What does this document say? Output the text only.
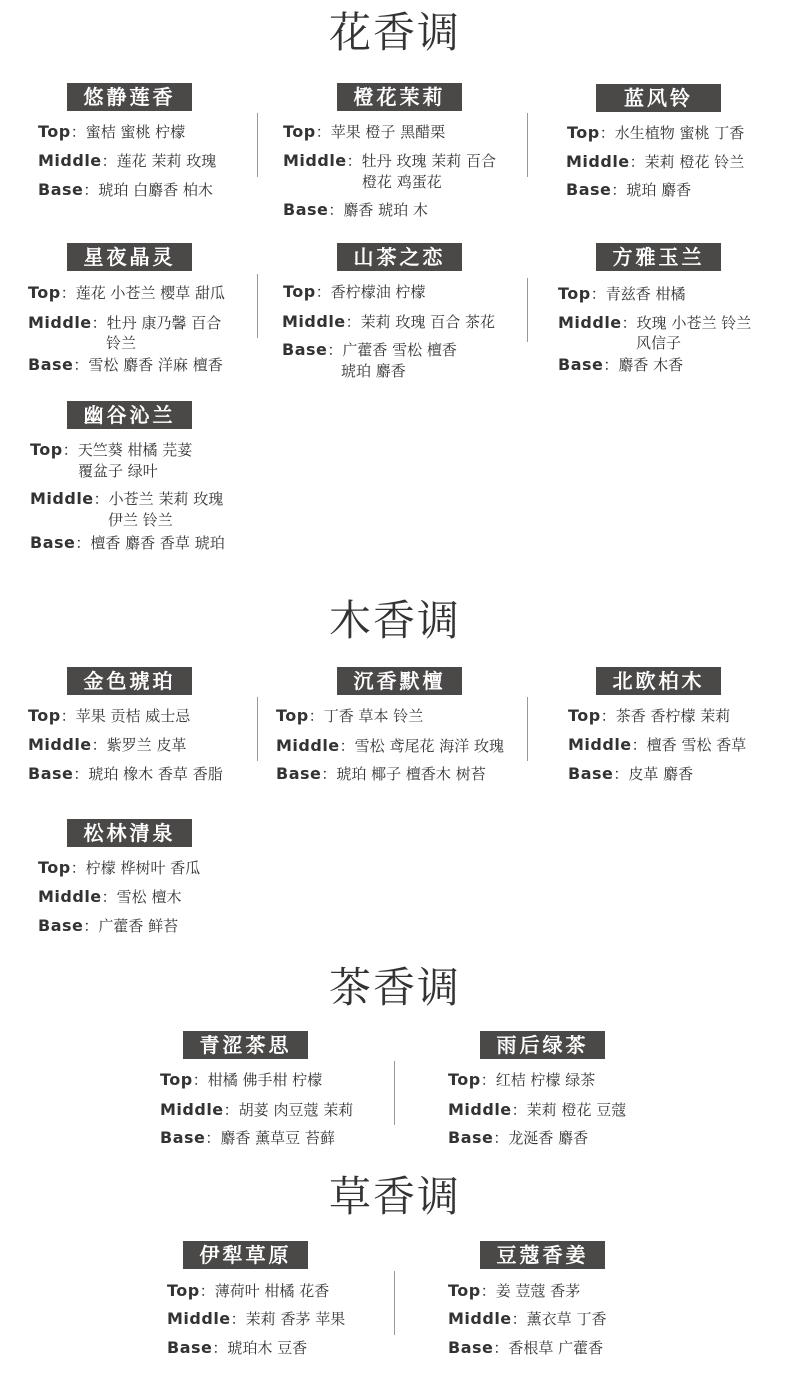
花香调
悠静莲香
Top：蜜桔 蜜桃 柠檬
Middle：莲花 茉莉 玫瑰
Base：琥珀 白麝香 柏木
橙花茉莉
Top：苹果 橙子 黑醋栗
Middle：牡丹 玫瑰 茉莉 百合
橙花 鸡蛋花
Base：麝香 琥珀 木
蓝风铃
Top：水生植物 蜜桃 丁香
Middle：茉莉 橙花 铃兰
Base：琥珀 麝香
星夜晶灵
Top：莲花 小苍兰 樱草 甜瓜
Middle：牡丹 康乃馨 百合
铃兰
Base：雪松 麝香 洋麻 檀香
山茶之恋
Top：香柠檬油 柠檬
Middle：茉莉 玫瑰 百合 茶花
Base：广藿香 雪松 檀香
琥珀 麝香
方雅玉兰
Top：青兹香 柑橘
Middle：玫瑰 小苍兰 铃兰
风信子
Base：麝香 木香
幽谷沁兰
Top：天竺葵 柑橘 芫荽
覆盆子 绿叶
Middle：小苍兰 茉莉 玫瑰
伊兰 铃兰
Base：檀香 麝香 香草 琥珀
木香调
金色琥珀
Top：苹果 贡桔 威士忌
Middle：紫罗兰 皮革
Base：琥珀 橡木 香草 香脂
沉香默檀
Top：丁香 草本 铃兰
Middle：雪松 鸢尾花 海洋 玫瑰
Base：琥珀 椰子 檀香木 树苔
北欧柏木
Top：茶香 香柠檬 茉莉
Middle：檀香 雪松 香草
Base：皮革 麝香
松林清泉
Top：柠檬 桦树叶 香瓜
Middle：雪松 檀木
Base：广藿香 鲜苔
茶香调
青涩茶思
Top：柑橘 佛手柑 柠檬
Middle：胡荽 肉豆蔻 茉莉
Base：麝香 薰草豆 苔藓
雨后绿茶
Top：红桔 柠檬 绿茶
Middle：茉莉 橙花 豆蔻
Base：龙涎香 麝香
草香调
伊犁草原
Top：薄荷叶 柑橘 花香
Middle：茉莉 香茅 苹果
Base：琥珀木 豆香
豆蔻香姜
Top：姜 荳蔻 香茅
Middle：薰衣草 丁香
Base：香根草 广藿香
